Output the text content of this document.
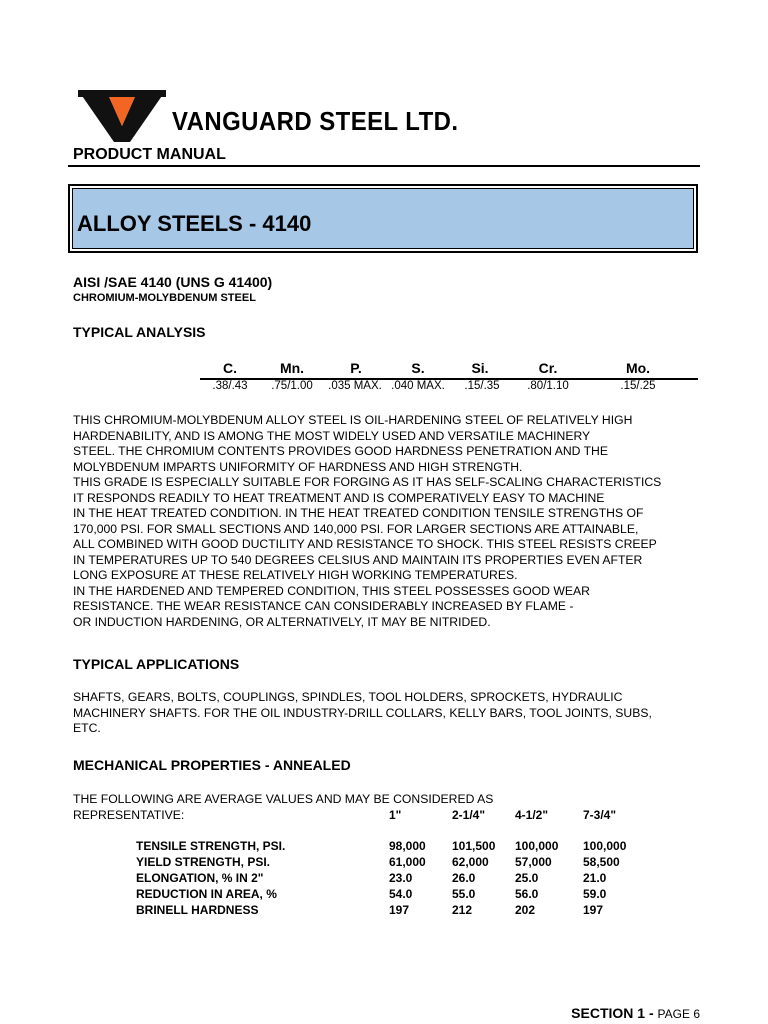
VANGUARD STEEL LTD.
PRODUCT MANUAL
ALLOY STEELS - 4140
AISI /SAE 4140 (UNS G 41400)
CHROMIUM-MOLYBDENUM STEEL
TYPICAL ANALYSIS
C.	Mn.	P.	S.	Si.	Cr.	Mo.
.38/.43	.75/1.00	.035 MAX. .040 MAX.	.15/.35	.80/1.10	.15/.25
THIS CHROMIUM-MOLYBDENUM ALLOY STEEL IS OIL-HARDENING STEEL OF RELATIVELY HIGH
HARDENABILITY, AND IS AMONG THE MOST WIDELY USED AND VERSATILE MACHINERY
STEEL. THE CHROMIUM CONTENTS PROVIDES GOOD HARDNESS PENETRATION AND THE
MOLYBDENUM IMPARTS UNIFORMITY OF HARDNESS AND HIGH STRENGTH.
THIS GRADE IS ESPECIALLY SUITABLE FOR FORGING AS IT HAS SELF-SCALING CHARACTERISTICS
IT RESPONDS READILY TO HEAT TREATMENT AND IS COMPERATIVELY EASY TO MACHINE
IN THE HEAT TREATED CONDITION. IN THE HEAT TREATED CONDITION TENSILE STRENGTHS OF
170,000 PSI. FOR SMALL SECTIONS AND 140,000 PSI. FOR LARGER SECTIONS ARE ATTAINABLE,
ALL COMBINED WITH GOOD DUCTILITY AND RESISTANCE TO SHOCK. THIS STEEL RESISTS CREEP
IN TEMPERATURES UP TO 540 DEGREES CELSIUS AND MAINTAIN ITS PROPERTIES EVEN AFTER
LONG EXPOSURE AT THESE RELATIVELY HIGH WORKING TEMPERATURES.
IN THE HARDENED AND TEMPERED CONDITION, THIS STEEL POSSESSES GOOD WEAR
RESISTANCE. THE WEAR RESISTANCE CAN CONSIDERABLY INCREASED BY FLAME -
OR INDUCTION HARDENING, OR ALTERNATIVELY, IT MAY BE NITRIDED.
TYPICAL APPLICATIONS
SHAFTS, GEARS, BOLTS, COUPLINGS, SPINDLES, TOOL HOLDERS, SPROCKETS, HYDRAULIC
MACHINERY SHAFTS. FOR THE OIL INDUSTRY-DRILL COLLARS, KELLY BARS, TOOL JOINTS, SUBS,
ETC.
MECHANICAL PROPERTIES - ANNEALED
THE FOLLOWING ARE AVERAGE VALUES AND MAY BE CONSIDERED AS
REPRESENTATIVE:	1"	2-1/4" 4-1/2"	7-3/4"
TENSILE STRENGTH, PSI.	98,000 101,500 100,000 100,000
YIELD STRENGTH, PSI.	61,000 62,000 57,000	58,500
ELONGATION, % IN 2"	23.0	26.0	25.0	21.0
REDUCTION IN AREA, %	54.0	55.0	56.0	59.0
BRINELL HARDNESS	197	212	202	197
SECTION 1 - PAGE 6
